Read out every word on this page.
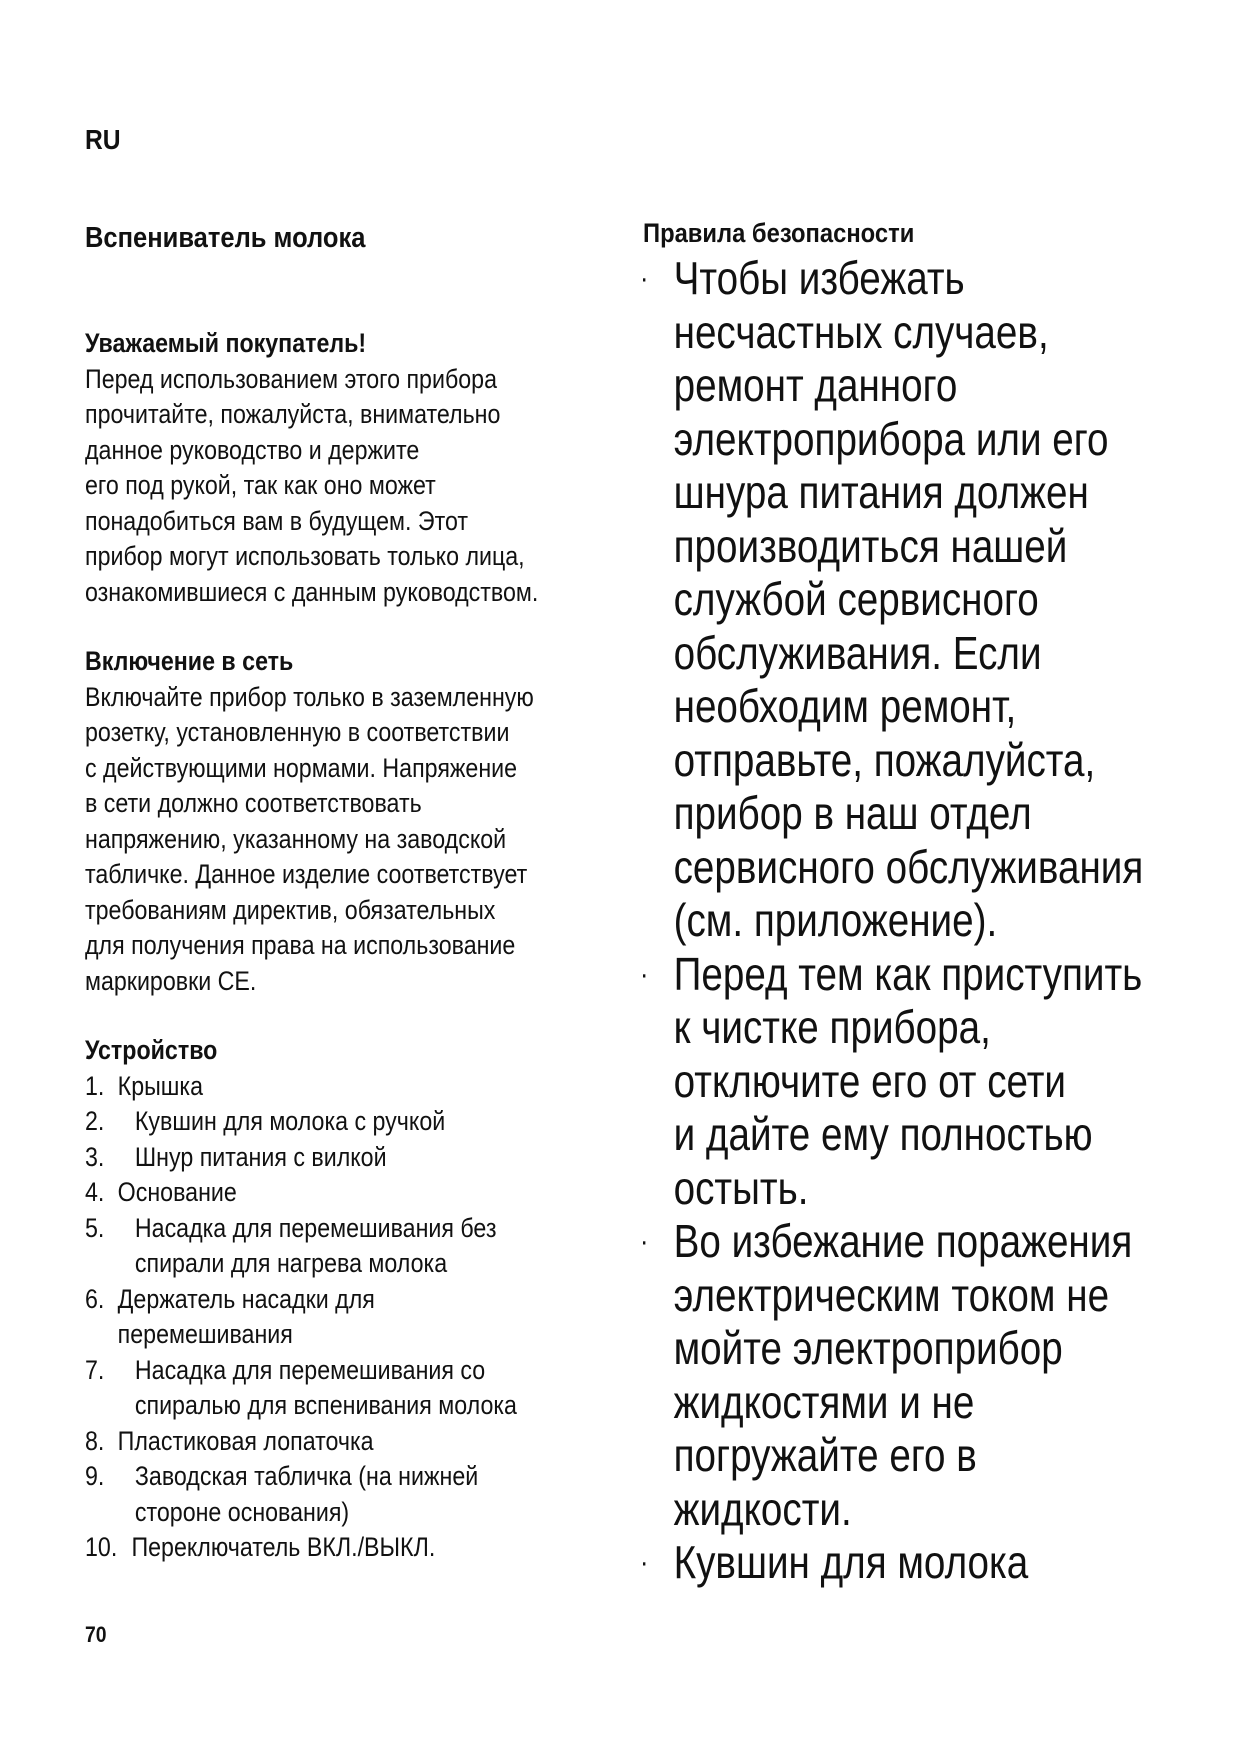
RU
Вспениватель молока
Уважаемый покупатель!

Перед использованием этого прибора
прочитайте, пожалуйста, внимательно
данное руководство и держите
его под рукой, так как оно может
понадобиться вам в будущем. Этот
прибор могут использовать только лица,
ознакомившиеся с данным руководством.

Включение в сеть

Включайте прибор только в заземленную
розетку, установленную в соответствии
с действующими нормами. Напряжение
в сети должно соответствовать
напряжению, указанному на заводской
табличке. Данное изделие соответствует
требованиям директив, обязательных
для получения права на использование
маркировки CE.

Устройство
1. Крышка
2.	Кувшин для молока с ручкой
3.	Шнур питания с вилкой
4. Основание
5.	Насадка для перемешивания без
спирали для нагрева молока
6. Держатель насадки для
перемешивания
7.	Насадка для перемешивания со
спиралью для вспенивания молока
8. Пластиковая лопаточка
9.	Заводская табличка (на нижней
стороне основания)
10. Переключатель ВКЛ./ВЫКЛ.
Правила безопасности
· Чтобы избежать
несчастных случаев,
ремонт данного
электроприбора или его
шнура питания должен
производиться нашей
службой сервисного
обслуживания. Если
необходим ремонт,
отправьте, пожалуйста,
прибор в наш отдел
сервисного обслуживания
(см. приложение).
· Перед тем как приступить
к чистке прибора,
отключите его от сети
и дайте ему полностью
остыть.
· Во избежание поражения
электрическим током не
мойте электроприбор
жидкостями и не
погружайте его в
жидкости.
· Кувшин для молока
70
